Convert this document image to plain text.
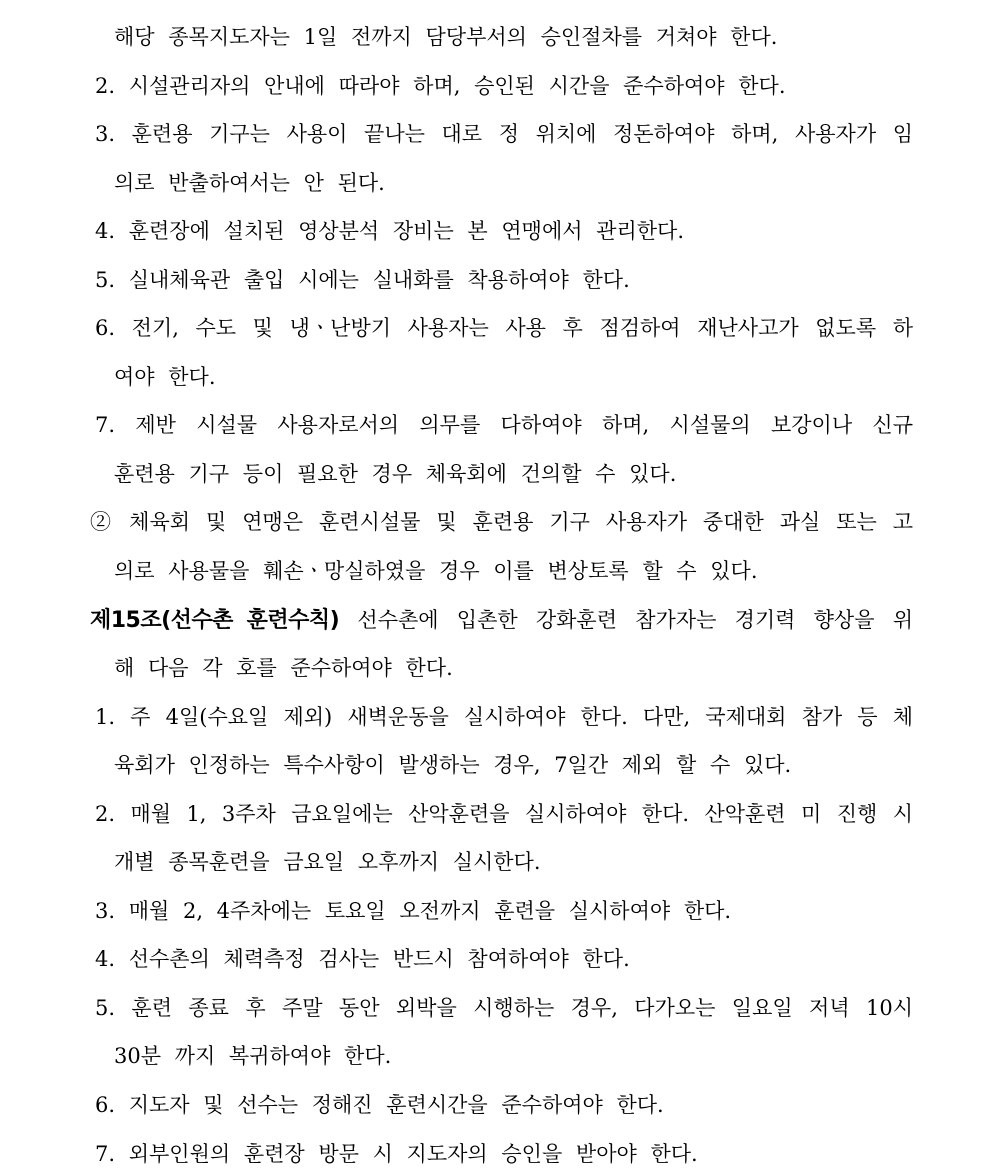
해당 종목지도자는 1일 전까지 담당부서의 승인절차를 거쳐야 한다.
2. 시설관리자의 안내에 따라야 하며, 승인된 시간을 준수하여야 한다.
3. 훈련용 기구는 사용이 끝나는 대로 정 위치에 정돈하여야 하며, 사용자가 임
의로 반출하여서는 안 된다.
4. 훈련장에 설치된 영상분석 장비는 본 연맹에서 관리한다.
5. 실내체육관 출입 시에는 실내화를 착용하여야 한다.
6. 전기, 수도 및 냉ㆍ난방기 사용자는 사용 후 점검하여 재난사고가 없도록 하
여야 한다.
7. 제반 시설물 사용자로서의 의무를 다하여야 하며, 시설물의 보강이나 신규
훈련용 기구 등이 필요한 경우 체육회에 건의할 수 있다.
② 체육회 및 연맹은 훈련시설물 및 훈련용 기구 사용자가 중대한 과실 또는 고
의로 사용물을 훼손ㆍ망실하였을 경우 이를 변상토록 할 수 있다.
제15조(선수촌 훈련수칙) 선수촌에 입촌한 강화훈련 참가자는 경기력 향상을 위
해 다음 각 호를 준수하여야 한다.
1. 주 4일(수요일 제외) 새벽운동을 실시하여야 한다. 다만, 국제대회 참가 등 체
육회가 인정하는 특수사항이 발생하는 경우, 7일간 제외 할 수 있다.
2. 매월 1, 3주차 금요일에는 산악훈련을 실시하여야 한다. 산악훈련 미 진행 시
개별 종목훈련을 금요일 오후까지 실시한다.
3. 매월 2, 4주차에는 토요일 오전까지 훈련을 실시하여야 한다.
4. 선수촌의 체력측정 검사는 반드시 참여하여야 한다.
5. 훈련 종료 후 주말 동안 외박을 시행하는 경우, 다가오는 일요일 저녁 10시
30분 까지 복귀하여야 한다.
6. 지도자 및 선수는 정해진 훈련시간을 준수하여야 한다.
7. 외부인원의 훈련장 방문 시 지도자의 승인을 받아야 한다.
